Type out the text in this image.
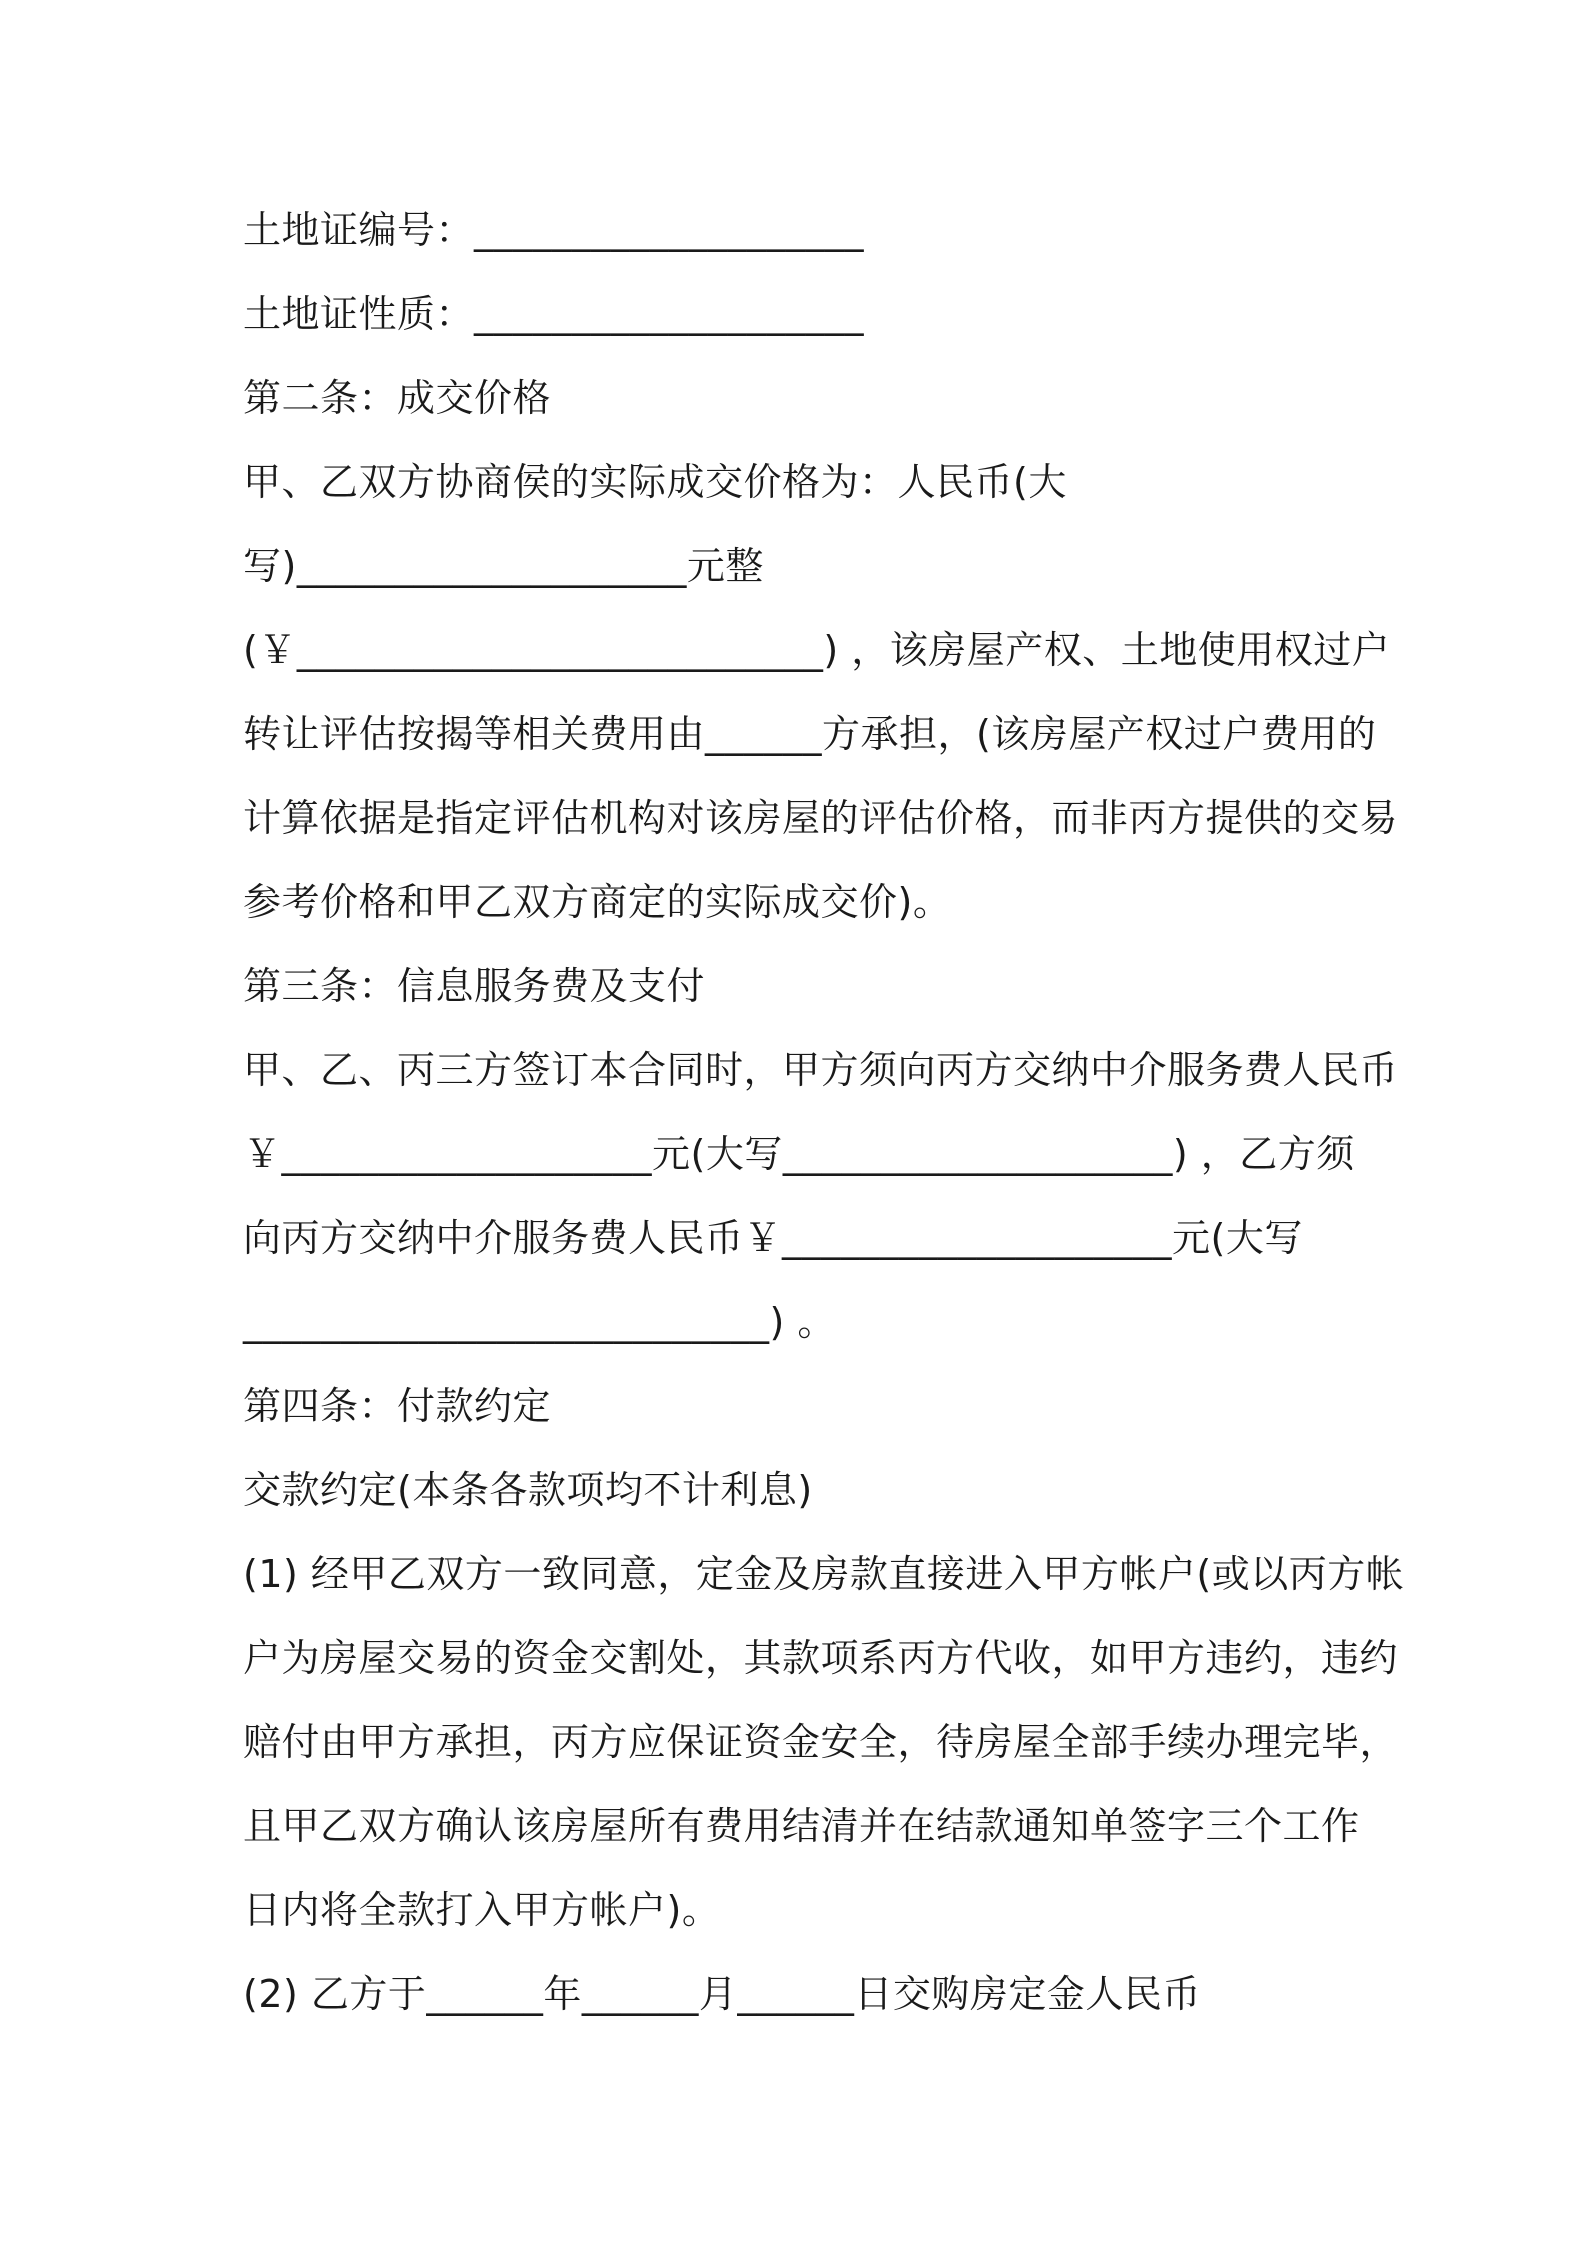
土地证编号：____________________
土地证性质：____________________
第二条：成交价格
甲、乙双方协商侯的实际成交价格为：人民币(大
写)____________________元整
(￥___________________________) ，该房屋产权、土地使用权过户
转让评估按揭等相关费用由______方承担，(该房屋产权过户费用的
计算依据是指定评估机构对该房屋的评估价格，而非丙方提供的交易
参考价格和甲乙双方商定的实际成交价)。
第三条：信息服务费及支付
甲、乙、丙三方签订本合同时，甲方须向丙方交纳中介服务费人民币
￥___________________元(大写____________________) ，乙方须
向丙方交纳中介服务费人民币￥____________________元(大写
___________________________) 。
第四条：付款约定
交款约定(本条各款项均不计利息)
(1) 经甲乙双方一致同意，定金及房款直接进入甲方帐户(或以丙方帐
户为房屋交易的资金交割处，其款项系丙方代收，如甲方违约，违约
赔付由甲方承担，丙方应保证资金安全，待房屋全部手续办理完毕，
且甲乙双方确认该房屋所有费用结清并在结款通知单签字三个工作
日内将全款打入甲方帐户)。
(2) 乙方于______年______月______日交购房定金人民币
